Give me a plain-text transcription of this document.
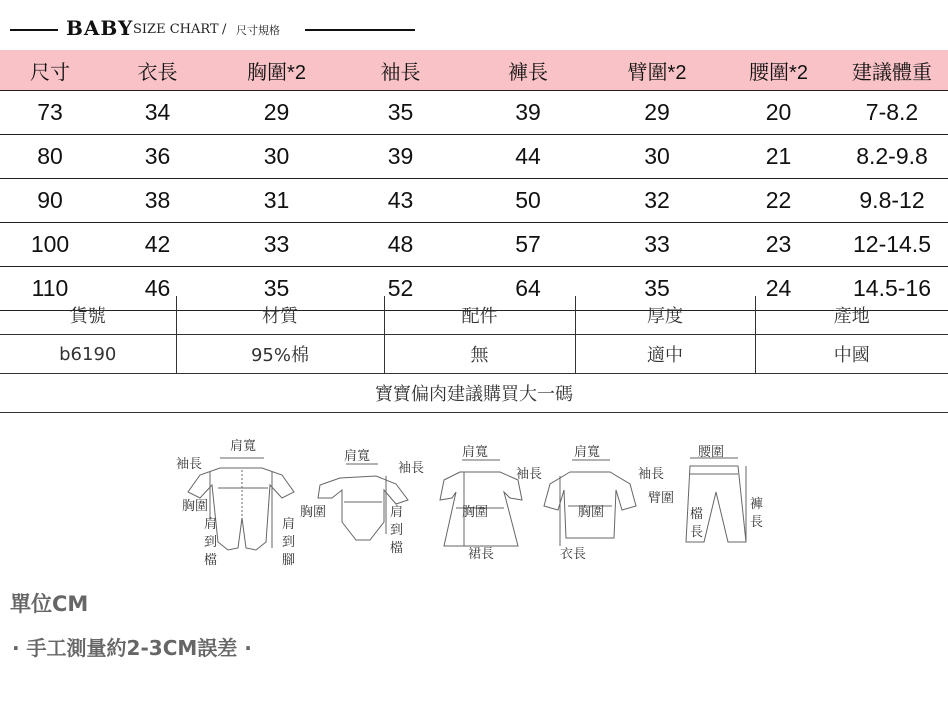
BABY SIZE CHART / 尺寸規格
尺寸	衣長	胸圍*2	袖長	褲長	臂圍*2	腰圍*2	建議體重
73	34	29	35	39	29	20	7-8.2
80	36	30	39	44	30	21	8.2-9.8
90	38	31	43	50	32	22	9.8-12
100	42	33	48	57	33	23	12-14.5
110	46	35	52	64	35	24	14.5-16
貨號	材質	配件	厚度	產地
b6190	95%棉	無	適中	中國
寶寶偏肉建議購買大一碼				
肩寬
袖長
胸圍
肩
到
檔
肩
到
腳
肩寬
袖長
胸圍	肩
到
檔
肩寬
袖長
胸圍
裙長
肩寬
袖長
胸圍
衣長
臂圍
腰圍
檔
長
褲
長
單位CM
· 手工測量約2-3CM誤差 ·
